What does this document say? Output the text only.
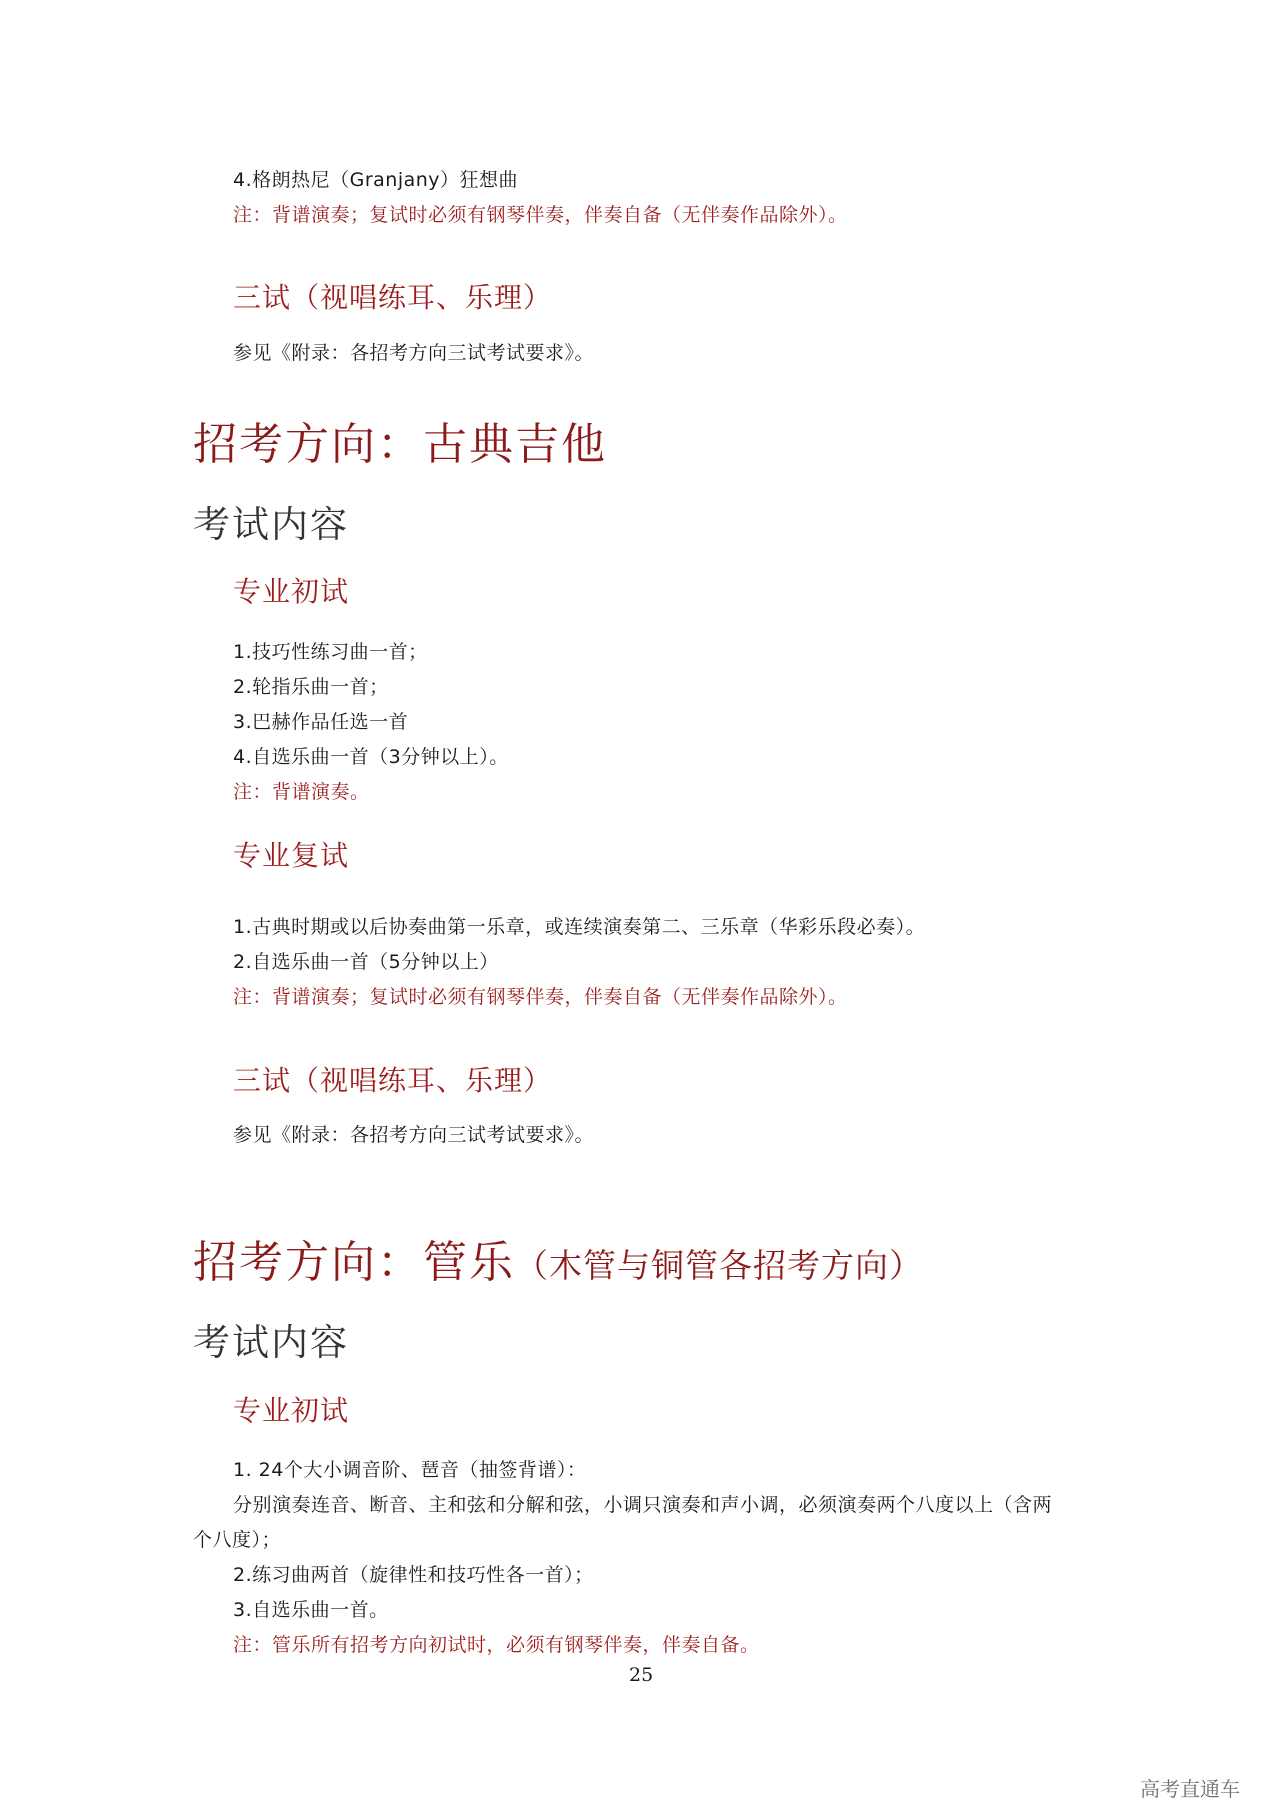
4.格朗热尼（Granjany）狂想曲
注：背谱演奏；复试时必须有钢琴伴奏，伴奏自备（无伴奏作品除外）。
三试（视唱练耳、乐理）
参见《附录：各招考方向三试考试要求》。
招考方向：古典吉他
考试内容
专业初试
1.技巧性练习曲一首；
2.轮指乐曲一首；
3.巴赫作品任选一首
4.自选乐曲一首（3分钟以上）。
注：背谱演奏。
专业复试
1.古典时期或以后协奏曲第一乐章，或连续演奏第二、三乐章（华彩乐段必奏）。
2.自选乐曲一首（5分钟以上）
注：背谱演奏；复试时必须有钢琴伴奏，伴奏自备（无伴奏作品除外）。
三试（视唱练耳、乐理）
参见《附录：各招考方向三试考试要求》。
招考方向：管乐（木管与铜管各招考方向）
考试内容
专业初试
1. 24个大小调音阶、琶音（抽签背谱）：
分别演奏连音、断音、主和弦和分解和弦，小调只演奏和声小调，必须演奏两个八度以上（含两
个八度）；
2.练习曲两首（旋律性和技巧性各一首）；
3.自选乐曲一首。
注：管乐所有招考方向初试时，必须有钢琴伴奏，伴奏自备。
25
高考直通车
